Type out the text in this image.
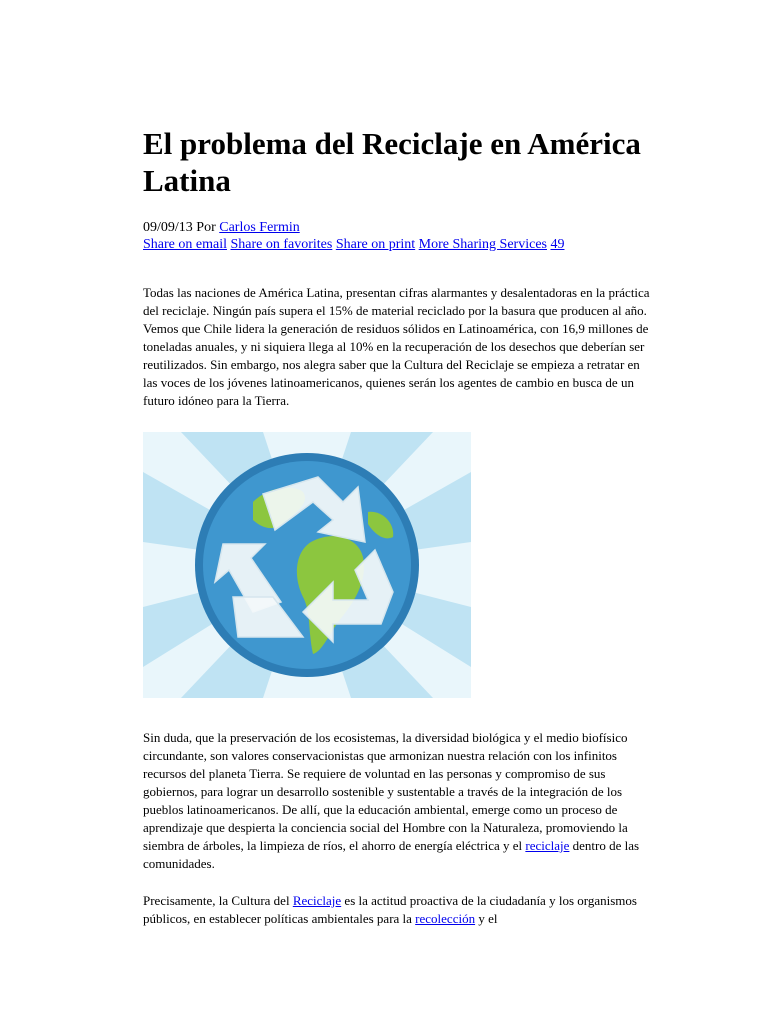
El problema del Reciclaje en América Latina
09/09/13 Por Carlos Fermin
Share on email Share on favorites Share on print More Sharing Services 49

Todas las naciones de América Latina, presentan cifras alarmantes y desalentadoras en la práctica del reciclaje. Ningún país supera el 15% de material reciclado por la basura que producen al año. Vemos que Chile lidera la generación de residuos sólidos en Latinoamérica, con 16,9 millones de toneladas anuales, y ni siquiera llega al 10% en la recuperación de los desechos que deberían ser reutilizados. Sin embargo, nos alegra saber que la Cultura del Reciclaje se empieza a retratar en las voces de los jóvenes latinoamericanos, quienes serán los agentes de cambio en busca de un futuro idóneo para la Tierra.

Sin duda, que la preservación de los ecosistemas, la diversidad biológica y el medio biofísico circundante, son valores conservacionistas que armonizan nuestra relación con los infinitos recursos del planeta Tierra. Se requiere de voluntad en las personas y compromiso de sus gobiernos, para lograr un desarrollo sostenible y sustentable a través de la integración de los pueblos latinoamericanos. De allí, que la educación ambiental, emerge como un proceso de aprendizaje que despierta la conciencia social del Hombre con la Naturaleza, promoviendo la siembra de árboles, la limpieza de ríos, el ahorro de energía eléctrica y el reciclaje dentro de las comunidades.

Precisamente, la Cultura del Reciclaje es la actitud proactiva de la ciudadanía y los organismos públicos, en establecer políticas ambientales para la recolección y el
